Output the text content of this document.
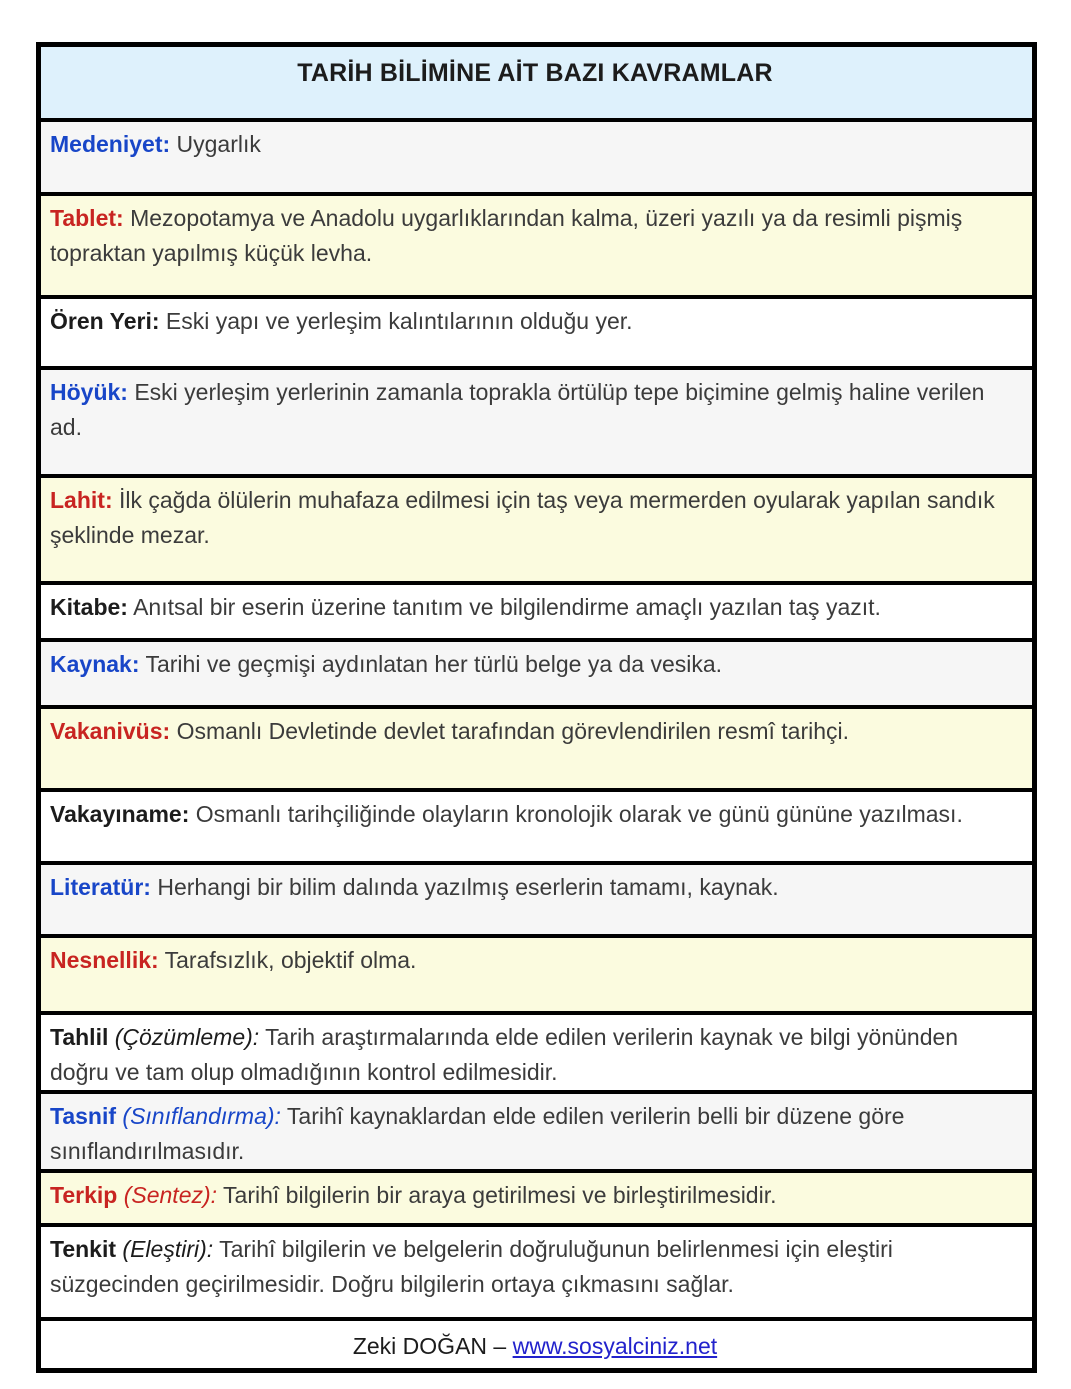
TARİH BİLİMİNE AİT BAZI KAVRAMLAR

Medeniyet: Uygarlık

Tablet: Mezopotamya ve Anadolu uygarlıklarından kalma, üzeri yazılı ya da resimli pişmiş topraktan yapılmış küçük levha.

Ören Yeri: Eski yapı ve yerleşim kalıntılarının olduğu yer.

Höyük: Eski yerleşim yerlerinin zamanla toprakla örtülüp tepe biçimine gelmiş haline verilen ad.

Lahit: İlk çağda ölülerin muhafaza edilmesi için taş veya mermerden oyularak yapılan sandık şeklinde mezar.

Kitabe: Anıtsal bir eserin üzerine tanıtım ve bilgilendirme amaçlı yazılan taş yazıt.

Kaynak: Tarihi ve geçmişi aydınlatan her türlü belge ya da vesika.

Vakanivüs: Osmanlı Devletinde devlet tarafından görevlendirilen resmî tarihçi.

Vakayıname: Osmanlı tarihçiliğinde olayların kronolojik olarak ve günü gününe yazılması.

Literatür: Herhangi bir bilim dalında yazılmış eserlerin tamamı, kaynak.

Nesnellik: Tarafsızlık, objektif olma.

Tahlil (Çözümleme): Tarih araştırmalarında elde edilen verilerin kaynak ve bilgi yönünden doğru ve tam olup olmadığının kontrol edilmesidir.

Tasnif (Sınıflandırma): Tarihî kaynaklardan elde edilen verilerin belli bir düzene göre sınıflandırılmasıdır.

Terkip (Sentez): Tarihî bilgilerin bir araya getirilmesi ve birleştirilmesidir.

Tenkit (Eleştiri): Tarihî bilgilerin ve belgelerin doğruluğunun belirlenmesi için eleştiri süzgecinden geçirilmesidir. Doğru bilgilerin ortaya çıkmasını sağlar.

Zeki DOĞAN – www.sosyalciniz.net
